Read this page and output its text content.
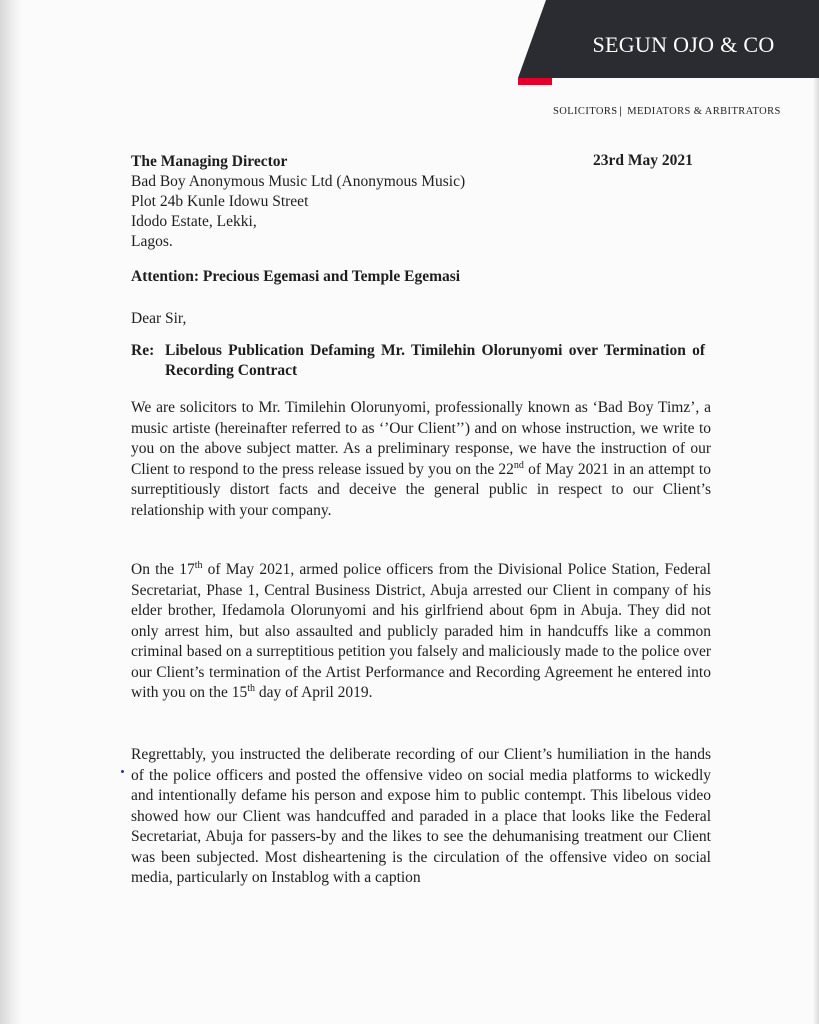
SEGUN OJO & CO
SOLICITORS | MEDIATORS & ARBITRATORS
The Managing Director
Bad Boy Anonymous Music Ltd (Anonymous Music)
Plot 24b Kunle Idowu Street
Idodo Estate, Lekki,
Lagos.
23rd May 2021
Attention: Precious Egemasi and Temple Egemasi
Dear Sir,
Re: Libelous Publication Defaming Mr. Timilehin Olorunyomi over Termination of Recording Contract

We are solicitors to Mr. Timilehin Olorunyomi, professionally known as ‘Bad Boy Timz’, a music artiste (hereinafter referred to as ‘’Our Client’’) and on whose instruction, we write to you on the above subject matter. As a preliminary response, we have the instruction of our Client to respond to the press release issued by you on the 22nd of May 2021 in an attempt to surreptitiously distort facts and deceive the general public in respect to our Client’s relationship with your company.

On the 17th of May 2021, armed police officers from the Divisional Police Station, Federal Secretariat, Phase 1, Central Business District, Abuja arrested our Client in company of his elder brother, Ifedamola Olorunyomi and his girlfriend about 6pm in Abuja. They did not only arrest him, but also assaulted and publicly paraded him in handcuffs like a common criminal based on a surreptitious petition you falsely and maliciously made to the police over our Client’s termination of the Artist Performance and Recording Agreement he entered into with you on the 15th day of April 2019.

Regrettably, you instructed the deliberate recording of our Client’s humiliation in the hands of the police officers and posted the offensive video on social media platforms to wickedly and intentionally defame his person and expose him to public contempt. This libelous video showed how our Client was handcuffed and paraded in a place that looks like the Federal Secretariat, Abuja for passers-by and the likes to see the dehumanising treatment our Client was been subjected. Most disheartening is the circulation of the offensive video on social media, particularly on Instablog with a caption
